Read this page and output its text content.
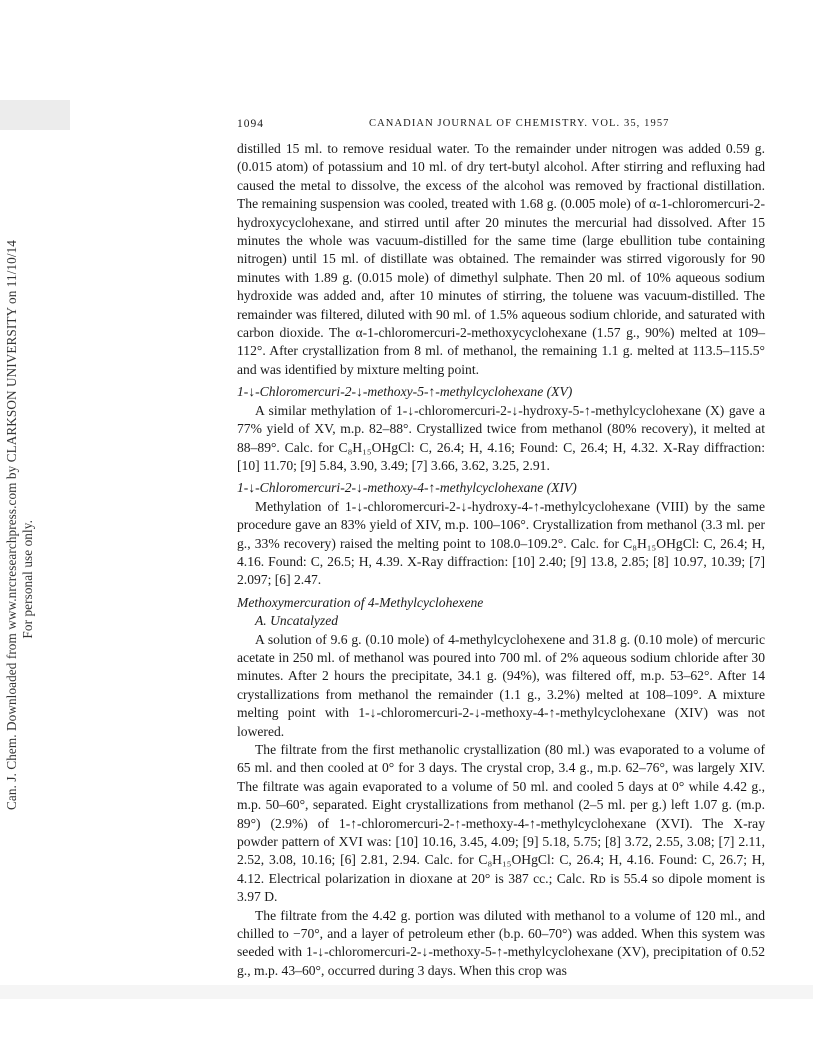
Can. J. Chem. Downloaded from www.nrcresearchpress.com by CLARKSON UNIVERSITY on 11/10/14 For personal use only.
1094	CANADIAN JOURNAL OF CHEMISTRY. VOL. 35, 1957

distilled 15 ml. to remove residual water. To the remainder under nitrogen was added 0.59 g. (0.015 atom) of potassium and 10 ml. of dry tert-butyl alcohol. After stirring and refluxing had caused the metal to dissolve, the excess of the alcohol was removed by fractional distillation. The remaining suspension was cooled, treated with 1.68 g. (0.005 mole) of α-1-chloromercuri-2-hydroxycyclohexane, and stirred until after 20 minutes the mercurial had dissolved. After 15 minutes the whole was vacuum-distilled for the same time (large ebullition tube containing nitrogen) until 15 ml. of distillate was obtained. The remainder was stirred vigorously for 90 minutes with 1.89 g. (0.015 mole) of dimethyl sulphate. Then 20 ml. of 10% aqueous sodium hydroxide was added and, after 10 minutes of stirring, the toluene was vacuum-distilled. The remainder was filtered, diluted with 90 ml. of 1.5% aqueous sodium chloride, and saturated with carbon dioxide. The α-1-chloromercuri-2-methoxycyclohexane (1.57 g., 90%) melted at 109–112°. After crystallization from 8 ml. of methanol, the remaining 1.1 g. melted at 113.5–115.5° and was identified by mixture melting point.

1-↓-Chloromercuri-2-↓-methoxy-5-↑-methylcyclohexane (XV)

A similar methylation of 1-↓-chloromercuri-2-↓-hydroxy-5-↑-methylcyclohexane (X) gave a 77% yield of XV, m.p. 82–88°. Crystallized twice from methanol (80% recovery), it melted at 88–89°. Calc. for C₈H₁₅OHgCl: C, 26.4; H, 4.16; Found: C, 26.4; H, 4.32. X-Ray diffraction: [10] 11.70; [9] 5.84, 3.90, 3.49; [7] 3.66, 3.62, 3.25, 2.91.

1-↓-Chloromercuri-2-↓-methoxy-4-↑-methylcyclohexane (XIV)

Methylation of 1-↓-chloromercuri-2-↓-hydroxy-4-↑-methylcyclohexane (VIII) by the same procedure gave an 83% yield of XIV, m.p. 100–106°. Crystallization from methanol (3.3 ml. per g., 33% recovery) raised the melting point to 108.0–109.2°. Calc. for C₈H₁₅OHgCl: C, 26.4; H, 4.16. Found: C, 26.5; H, 4.39. X-Ray diffraction: [10] 2.40; [9] 13.8, 2.85; [8] 10.97, 10.39; [7] 2.097; [6] 2.47.

Methoxymercuration of 4-Methylcyclohexene

A. Uncatalyzed

A solution of 9.6 g. (0.10 mole) of 4-methylcyclohexene and 31.8 g. (0.10 mole) of mercuric acetate in 250 ml. of methanol was poured into 700 ml. of 2% aqueous sodium chloride after 30 minutes. After 2 hours the precipitate, 34.1 g. (94%), was filtered off, m.p. 53–62°. After 14 crystallizations from methanol the remainder (1.1 g., 3.2%) melted at 108–109°. A mixture melting point with 1-↓-chloromercuri-2-↓-methoxy-4-↑-methylcyclohexane (XIV) was not lowered.

The filtrate from the first methanolic crystallization (80 ml.) was evaporated to a volume of 65 ml. and then cooled at 0° for 3 days. The crystal crop, 3.4 g., m.p. 62–76°, was largely XIV. The filtrate was again evaporated to a volume of 50 ml. and cooled 5 days at 0° while 4.42 g., m.p. 50–60°, separated. Eight crystallizations from methanol (2–5 ml. per g.) left 1.07 g. (m.p. 89°) (2.9%) of 1-↑-chloromercuri-2-↑-methoxy-4-↑-methylcyclohexane (XVI). The X-ray powder pattern of XVI was: [10] 10.16, 3.45, 4.09; [9] 5.18, 5.75; [8] 3.72, 2.55, 3.08; [7] 2.11, 2.52, 3.08, 10.16; [6] 2.81, 2.94. Calc. for C₈H₁₅OHgCl: C, 26.4; H, 4.16. Found: C, 26.7; H, 4.12. Electrical polarization in dioxane at 20° is 387 cc.; Calc. Rᴅ is 55.4 so dipole moment is 3.97 D.

The filtrate from the 4.42 g. portion was diluted with methanol to a volume of 120 ml., and chilled to −70°, and a layer of petroleum ether (b.p. 60–70°) was added. When this system was seeded with 1-↓-chloromercuri-2-↓-methoxy-5-↑-methylcyclohexane (XV), precipitation of 0.52 g., m.p. 43–60°, occurred during 3 days. When this crop was
